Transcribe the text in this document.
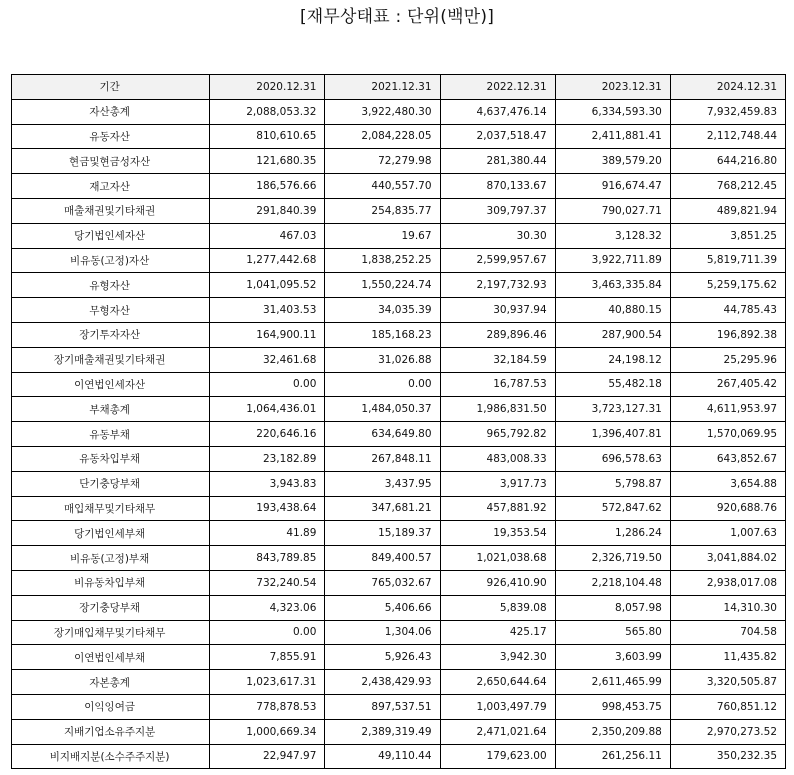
[재무상태표 : 단위(백만)]
기간	2020.12.31	2021.12.31	2022.12.31	2023.12.31	2024.12.31
자산총계	2,088,053.32	3,922,480.30	4,637,476.14	6,334,593.30	7,932,459.83
유동자산	810,610.65	2,084,228.05	2,037,518.47	2,411,881.41	2,112,748.44
현금및현금성자산	121,680.35	72,279.98	281,380.44	389,579.20	644,216.80
재고자산	186,576.66	440,557.70	870,133.67	916,674.47	768,212.45
매출채권및기타채권	291,840.39	254,835.77	309,797.37	790,027.71	489,821.94
당기법인세자산	467.03	19.67	30.30	3,128.32	3,851.25
비유동(고정)자산	1,277,442.68	1,838,252.25	2,599,957.67	3,922,711.89	5,819,711.39
유형자산	1,041,095.52	1,550,224.74	2,197,732.93	3,463,335.84	5,259,175.62
무형자산	31,403.53	34,035.39	30,937.94	40,880.15	44,785.43
장기투자자산	164,900.11	185,168.23	289,896.46	287,900.54	196,892.38
장기매출채권및기타채권	32,461.68	31,026.88	32,184.59	24,198.12	25,295.96
이연법인세자산	0.00	0.00	16,787.53	55,482.18	267,405.42
부채총계	1,064,436.01	1,484,050.37	1,986,831.50	3,723,127.31	4,611,953.97
유동부채	220,646.16	634,649.80	965,792.82	1,396,407.81	1,570,069.95
유동차입부채	23,182.89	267,848.11	483,008.33	696,578.63	643,852.67
단기충당부채	3,943.83	3,437.95	3,917.73	5,798.87	3,654.88
매입채무및기타채무	193,438.64	347,681.21	457,881.92	572,847.62	920,688.76
당기법인세부채	41.89	15,189.37	19,353.54	1,286.24	1,007.63
비유동(고정)부채	843,789.85	849,400.57	1,021,038.68	2,326,719.50	3,041,884.02
비유동차입부채	732,240.54	765,032.67	926,410.90	2,218,104.48	2,938,017.08
장기충당부채	4,323.06	5,406.66	5,839.08	8,057.98	14,310.30
장기매입채무및기타채무	0.00	1,304.06	425.17	565.80	704.58
이연법인세부채	7,855.91	5,926.43	3,942.30	3,603.99	11,435.82
자본총계	1,023,617.31	2,438,429.93	2,650,644.64	2,611,465.99	3,320,505.87
이익잉여금	778,878.53	897,537.51	1,003,497.79	998,453.75	760,851.12
지배기업소유주지분	1,000,669.34	2,389,319.49	2,471,021.64	2,350,209.88	2,970,273.52
비지배지분(소수주주지분)	22,947.97	49,110.44	179,623.00	261,256.11	350,232.35
